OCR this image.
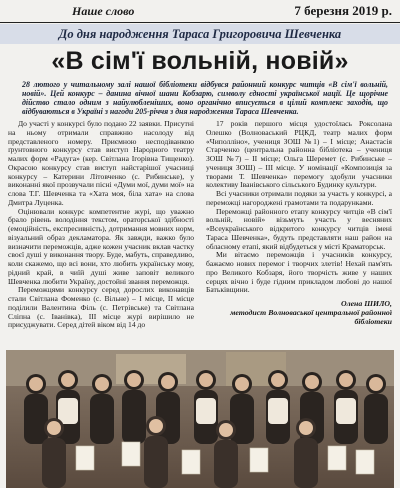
Наше слово	7 березня 2019 р.
До дня народження Тараса Григоровича Шевченка
«В сім'ї вольній, новій»
28 лютого у читальному залі нашої бібліотеки відбувся районний конкурс читців «В сім'ї вольній, новій». Цей конкурс – данина вічної шани Кобзарю, символу єдності української нації. Це щорічне дійство стало одним з найулюбленіших, воно органічно вписується в цілий комплекс заходів, що відбуваються в Україні з нагоди 205-річчя з дня народження Тараса Шевченка.

До участі у конкурсі було подано 22 заявки. Присутні на ньому отримали справжню насолоду від представленого номеру. Приємною несподіванкою ґрунтовного конкурсу став виступ Народного театру малих форм «Радуга» (кер. Світлана Ігорівна Тищенко). Окрасою конкурсу став виступ найстарішої учасниці конкурсу – Катерини Літовченко (с. Рибинське), у виконанні якої прозвучали пісні «Думи мої, думи мої» на слова Т.Г. Шевченка та «Хатa моя, біла хата» на слова Дмитра Луценка.

Оцінювали конкурс компетентне журі, що уважно брало рівень володіння текстом, ораторської здібності (емоційність, експресивність), дотримання мовних норм, візуальний образ декламатора. Як завжди, важко було визначити переможців, адже кожен учасник вклав частку своєї душі у виконання твору. Буде, мабуть, справедливо, коли скажемо, що всі вони, хто любить українську мову, рідний край, в чиїй душі живе заповіт великого Шевченка любити Україну, достойні звання переможця.

Переможцями конкурсу серед дорослих виконавців стали Світлана Фоменко (с. Вільне) – І місце, ІІ місце поділили Валентина Філь (с. Петрівське) та Світлана Сліпна (с. Іванівка), ІІІ місце журі вирішило не присуджувати. Серед дітей віком від 14 до

17 років першого місця удостоїлась Роксолана Олешко (Волноваський РЦКД, театр малих форм «Чиполліно», учениця ЗОШ №1) – І місце; Анастасія Старченко (центральна районна бібліотека – учениця ЗОШ №7) – ІІ місце; Ольга Шеремет (с. Рибинське – учениця ЗОШ) – ІІІ місце. У номінації «Композиція за творами Т. Шевченка» перемогу здобули учасники колективу Іванівського сільського Будинку культури.

Всі учасники отримали подяки за участь у конкурсі, а переможці нагороджені грамотами та подарунками.

Переможці районного етапу конкурсу читців «В сім'ї вольній, новій» візьмуть участь у весняних «Всеукраїнського відкритого конкурсу читців імені Тараса Шевченка», будуть представляти наш район на обласному етапі, який відбудеться у місті Краматорськ.

Ми вітаємо переможців і учасників конкурсу, бажаємо нових перемог і творчих злетів! Нехай пам'ять про Великого Кобзаря, його творчість живе у наших серцях вічно і буде гідним прикладом любові до нашої Батьківщини.

Олена ШИЛО,
методист Волноваської центральної районної бібліотеки
